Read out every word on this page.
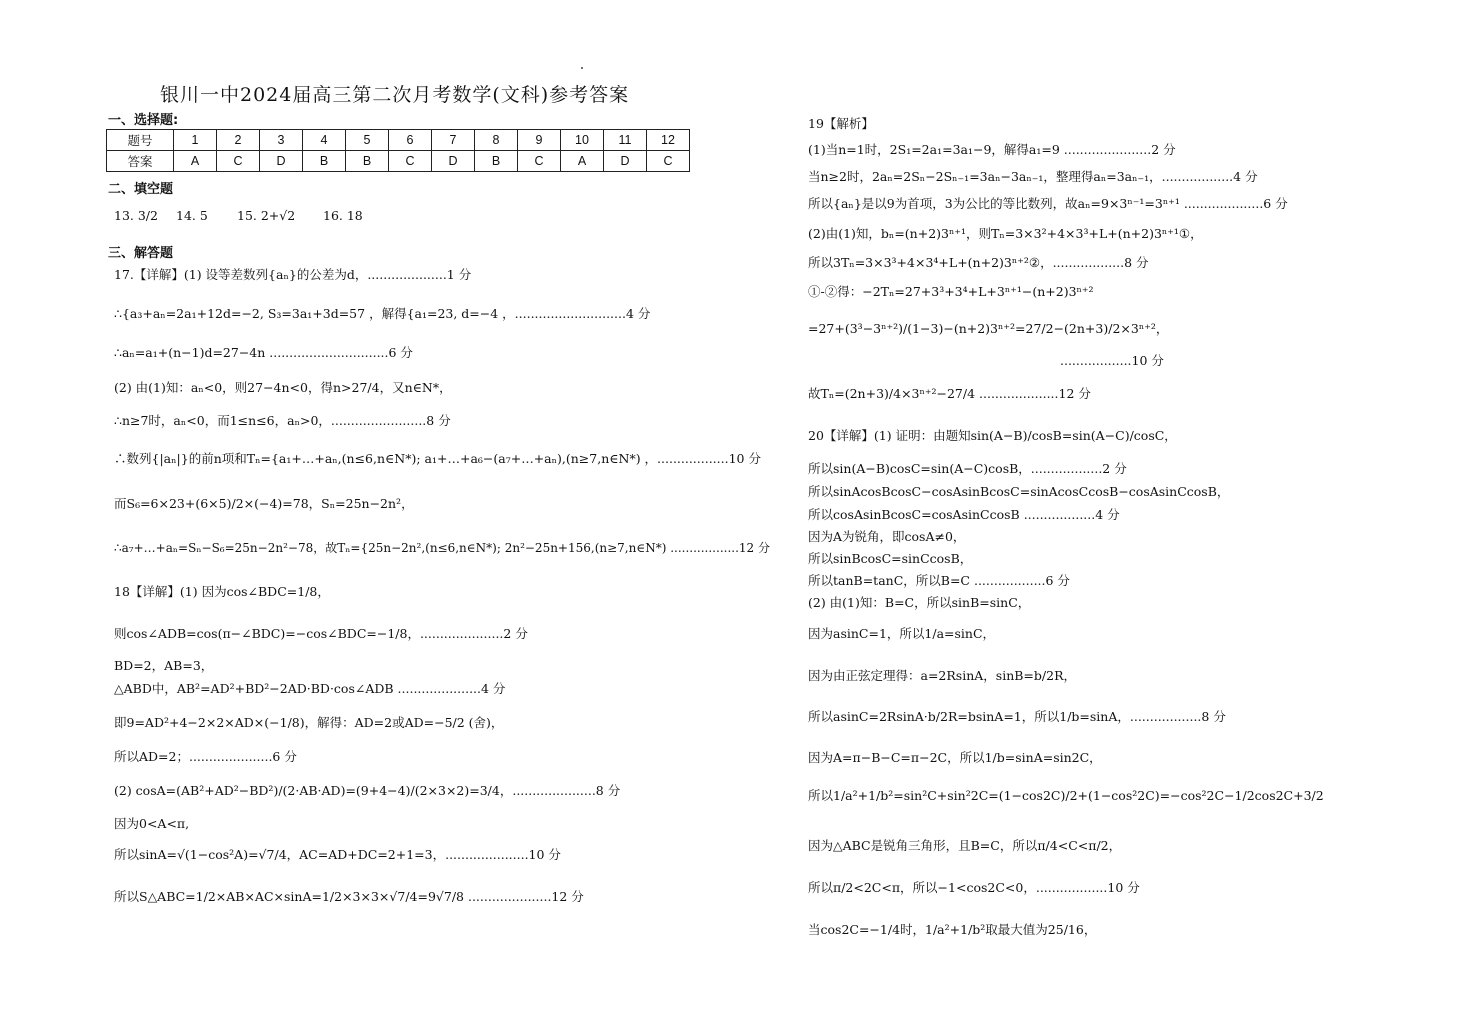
银川一中2024届高三第二次月考数学(文科)参考答案
一、选择题:
题号	1	2	3	4	5	6	7	8	9	10	11	12
答案	A	C	D	B	B	C	D	B	C	A	D	C
二、填空题
13. 3/2 14. 5 15. 2+√2 16. 18
三、解答题
17.【详解】(1) 设等差数列{aₙ}的公差为d，....................1 分
∴{a₃+aₙ=2a₁+12d=−2, S₃=3a₁+3d=57 ，解得{a₁=23, d=−4 ，............................4 分
∴aₙ=a₁+(n−1)d=27−4n ..............................6 分
(2) 由(1)知：aₙ<0，则27−4n<0，得n>27/4，又n∈N*，
∴n≥7时，aₙ<0，而1≤n≤6，aₙ>0，........................8 分
∴数列{|aₙ|}的前n项和Tₙ={a₁+…+aₙ,(n≤6,n∈N*); a₁+…+a₆−(a₇+…+aₙ),(n≥7,n∈N*) ，..................10 分
而S₆=6×23+(6×5)/2×(−4)=78，Sₙ=25n−2n²，
∴a₇+…+aₙ=Sₙ−S₆=25n−2n²−78，故Tₙ={25n−2n²,(n≤6,n∈N*); 2n²−25n+156,(n≥7,n∈N*) ..................12 分
18【详解】(1) 因为cos∠BDC=1/8，
则cos∠ADB=cos(π−∠BDC)=−cos∠BDC=−1/8，.....................2 分
BD=2，AB=3，
△ABD中，AB²=AD²+BD²−2AD·BD·cos∠ADB .....................4 分
即9=AD²+4−2×2×AD×(−1/8)，解得：AD=2或AD=−5/2 (舍)，
所以AD=2；.....................6 分
(2) cosA=(AB²+AD²−BD²)/(2·AB·AD)=(9+4−4)/(2×3×2)=3/4，.....................8 分
因为0<A<π,
所以sinA=√(1−cos²A)=√7/4，AC=AD+DC=2+1=3，.....................10 分
所以S△ABC=1/2×AB×AC×sinA=1/2×3×3×√7/4=9√7/8 .....................12 分
19【解析】
(1)当n=1时，2S₁=2a₁=3a₁−9，解得a₁=9 ......................2 分
当n≥2时，2aₙ=2Sₙ−2Sₙ₋₁=3aₙ−3aₙ₋₁，整理得aₙ=3aₙ₋₁，..................4 分
所以{aₙ}是以9为首项，3为公比的等比数列，故aₙ=9×3ⁿ⁻¹=3ⁿ⁺¹ ....................6 分
(2)由(1)知，bₙ=(n+2)3ⁿ⁺¹，则Tₙ=3×3²+4×3³+L+(n+2)3ⁿ⁺¹①，
所以3Tₙ=3×3³+4×3⁴+L+(n+2)3ⁿ⁺²②，..................8 分
①-②得：−2Tₙ=27+3³+3⁴+L+3ⁿ⁺¹−(n+2)3ⁿ⁺²
=27+(3³−3ⁿ⁺²)/(1−3)−(n+2)3ⁿ⁺²=27/2−(2n+3)/2×3ⁿ⁺²，
..................10 分
故Tₙ=(2n+3)/4×3ⁿ⁺²−27/4 ....................12 分
20【详解】(1) 证明：由题知sin(A−B)/cosB=sin(A−C)/cosC，
所以sin(A−B)cosC=sin(A−C)cosB，..................2 分
所以sinAcosBcosC−cosAsinBcosC=sinAcosCcosB−cosAsinCcosB，
所以cosAsinBcosC=cosAsinCcosB ..................4 分
因为A为锐角，即cosA≠0，
所以sinBcosC=sinCcosB，
所以tanB=tanC，所以B=C ..................6 分
(2) 由(1)知：B=C，所以sinB=sinC，
因为asinC=1，所以1/a=sinC，
因为由正弦定理得：a=2RsinA，sinB=b/2R，
所以asinC=2RsinA·b/2R=bsinA=1，所以1/b=sinA，..................8 分
因为A=π−B−C=π−2C，所以1/b=sinA=sin2C，
所以1/a²+1/b²=sin²C+sin²2C=(1−cos2C)/2+(1−cos²2C)=−cos²2C−1/2cos2C+3/2
因为△ABC是锐角三角形，且B=C，所以π/4<C<π/2，
所以π/2<2C<π，所以−1<cos2C<0，..................10 分
当cos2C=−1/4时，1/a²+1/b²取最大值为25/16，
